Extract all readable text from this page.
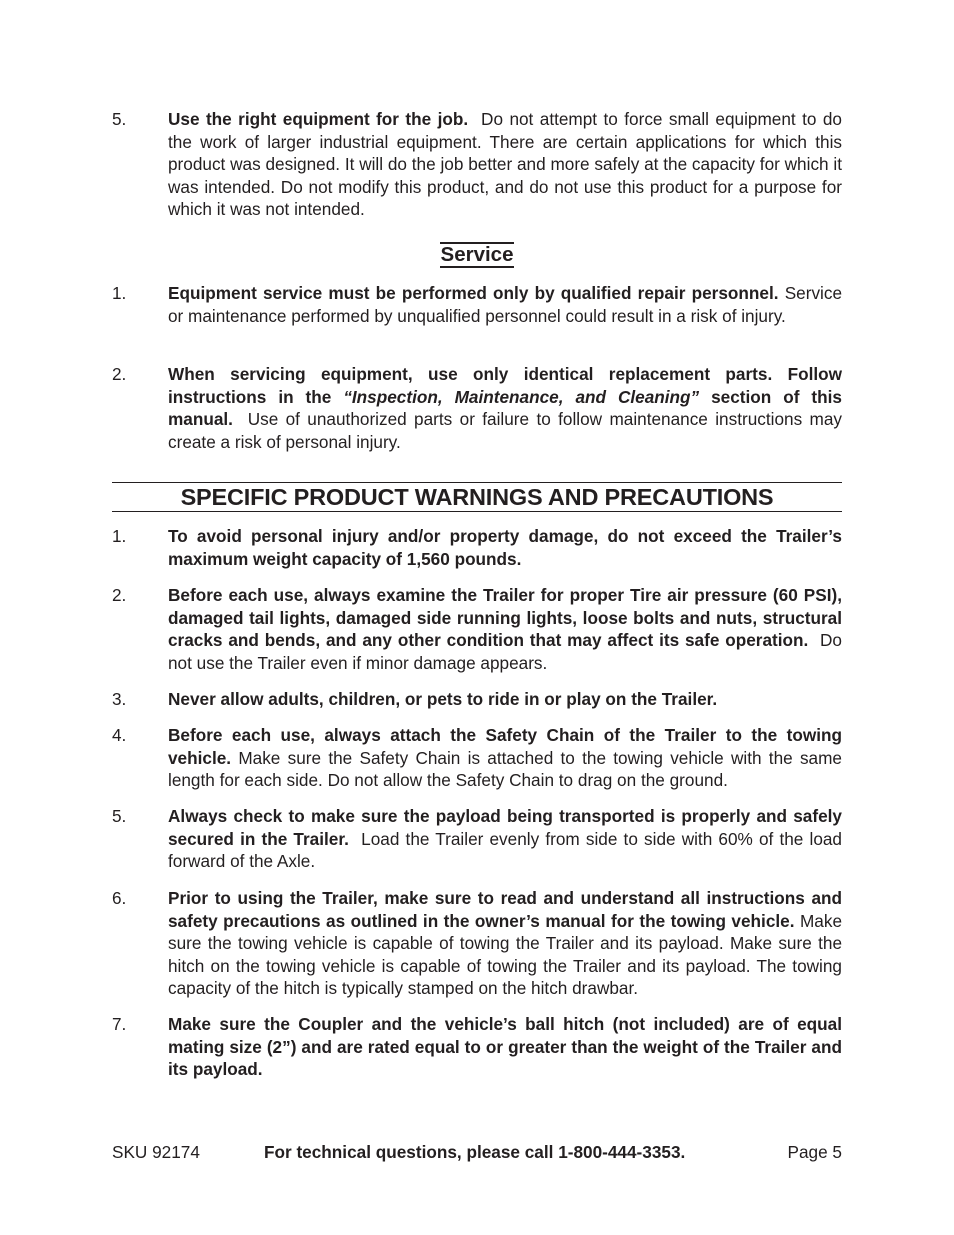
5.	Use the right equipment for the job. Do not attempt to force small equipment to do the work of larger industrial equipment. There are certain applications for which this product was designed. It will do the job better and more safely at the capacity for which it was intended. Do not modify this product, and do not use this product for a purpose for which it was not intended.
Service
1.	Equipment service must be performed only by qualified repair personnel. Service or maintenance performed by unqualified personnel could result in a risk of injury.
2.	When servicing equipment, use only identical replacement parts. Follow instructions in the “Inspection, Maintenance, and Cleaning” section of this manual. Use of unauthorized parts or failure to follow maintenance instructions may create a risk of personal injury.
SPECIFIC PRODUCT WARNINGS AND PRECAUTIONS
1.	To avoid personal injury and/or property damage, do not exceed the Trailer’s maximum weight capacity of 1,560 pounds.
2.	Before each use, always examine the Trailer for proper Tire air pressure (60 PSI), damaged tail lights, damaged side running lights, loose bolts and nuts, structural cracks and bends, and any other condition that may affect its safe operation. Do not use the Trailer even if minor damage appears.
3.	Never allow adults, children, or pets to ride in or play on the Trailer.
4.	Before each use, always attach the Safety Chain of the Trailer to the towing vehicle. Make sure the Safety Chain is attached to the towing vehicle with the same length for each side. Do not allow the Safety Chain to drag on the ground.
5.	Always check to make sure the payload being transported is properly and safely secured in the Trailer. Load the Trailer evenly from side to side with 60% of the load forward of the Axle.
6.	Prior to using the Trailer, make sure to read and understand all instructions and safety precautions as outlined in the owner’s manual for the towing vehicle. Make sure the towing vehicle is capable of towing the Trailer and its payload. Make sure the hitch on the towing vehicle is capable of towing the Trailer and its payload. The towing capacity of the hitch is typically stamped on the hitch drawbar.
7.	Make sure the Coupler and the vehicle’s ball hitch (not included) are of equal mating size (2”) and are rated equal to or greater than the weight of the Trailer and its payload.
SKU 92174	For technical questions, please call 1-800-444-3353.	Page 5
